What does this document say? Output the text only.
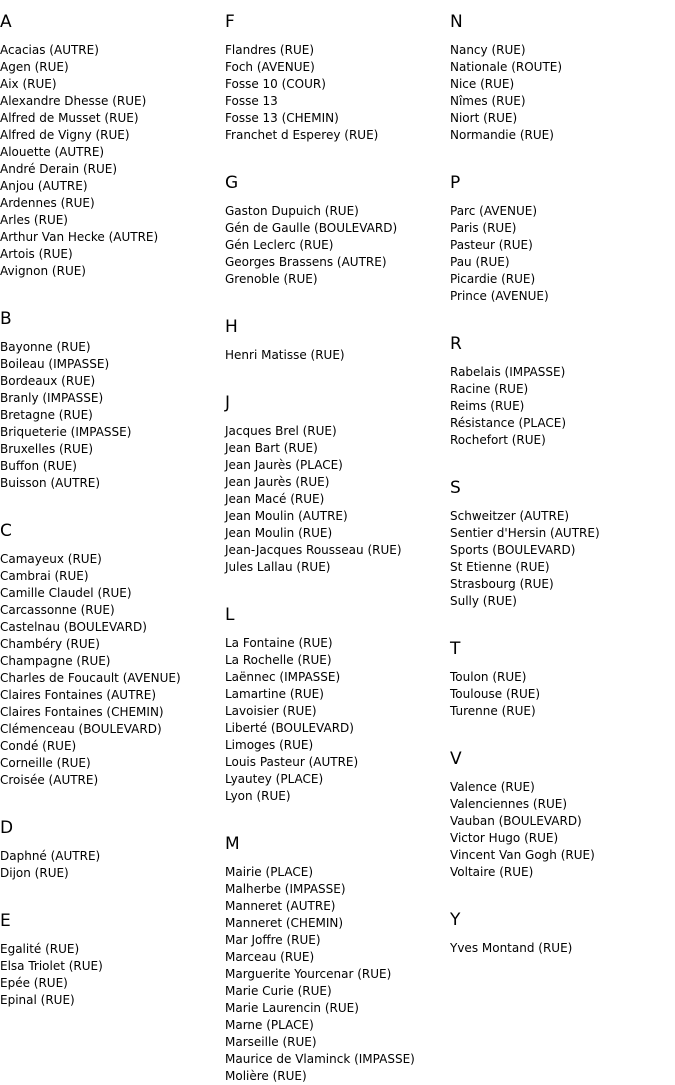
A
Acacias (AUTRE)
Agen (RUE)
Aix (RUE)
Alexandre Dhesse (RUE)
Alfred de Musset (RUE)
Alfred de Vigny (RUE)
Alouette (AUTRE)
André Derain (RUE)
Anjou (AUTRE)
Ardennes (RUE)
Arles (RUE)
Arthur Van Hecke (AUTRE)
Artois (RUE)
Avignon (RUE)
B
Bayonne (RUE)
Boileau (IMPASSE)
Bordeaux (RUE)
Branly (IMPASSE)
Bretagne (RUE)
Briqueterie (IMPASSE)
Bruxelles (RUE)
Buffon (RUE)
Buisson (AUTRE)
C
Camayeux (RUE)
Cambrai (RUE)
Camille Claudel (RUE)
Carcassonne (RUE)
Castelnau (BOULEVARD)
Chambéry (RUE)
Champagne (RUE)
Charles de Foucault (AVENUE)
Claires Fontaines (AUTRE)
Claires Fontaines (CHEMIN)
Clémenceau (BOULEVARD)
Condé (RUE)
Corneille (RUE)
Croisée (AUTRE)
D
Daphné (AUTRE)
Dijon (RUE)
E
Egalité (RUE)
Elsa Triolet (RUE)
Epée (RUE)
Epinal (RUE)
F
Flandres (RUE)
Foch (AVENUE)
Fosse 10 (COUR)
Fosse 13
Fosse 13 (CHEMIN)
Franchet d Esperey (RUE)
G
Gaston Dupuich (RUE)
Gén de Gaulle (BOULEVARD)
Gén Leclerc (RUE)
Georges Brassens (AUTRE)
Grenoble (RUE)
H
Henri Matisse (RUE)
J
Jacques Brel (RUE)
Jean Bart (RUE)
Jean Jaurès (PLACE)
Jean Jaurès (RUE)
Jean Macé (RUE)
Jean Moulin (AUTRE)
Jean Moulin (RUE)
Jean-Jacques Rousseau (RUE)
Jules Lallau (RUE)
L
La Fontaine (RUE)
La Rochelle (RUE)
Laënnec (IMPASSE)
Lamartine (RUE)
Lavoisier (RUE)
Liberté (BOULEVARD)
Limoges (RUE)
Louis Pasteur (AUTRE)
Lyautey (PLACE)
Lyon (RUE)
M
Mairie (PLACE)
Malherbe (IMPASSE)
Manneret (AUTRE)
Manneret (CHEMIN)
Mar Joffre (RUE)
Marceau (RUE)
Marguerite Yourcenar (RUE)
Marie Curie (RUE)
Marie Laurencin (RUE)
Marne (PLACE)
Marseille (RUE)
Maurice de Vlaminck (IMPASSE)
Molière (RUE)
N
Nancy (RUE)
Nationale (ROUTE)
Nice (RUE)
Nîmes (RUE)
Niort (RUE)
Normandie (RUE)
P
Parc (AVENUE)
Paris (RUE)
Pasteur (RUE)
Pau (RUE)
Picardie (RUE)
Prince (AVENUE)
R
Rabelais (IMPASSE)
Racine (RUE)
Reims (RUE)
Résistance (PLACE)
Rochefort (RUE)
S
Schweitzer (AUTRE)
Sentier d'Hersin (AUTRE)
Sports (BOULEVARD)
St Etienne (RUE)
Strasbourg (RUE)
Sully (RUE)
T
Toulon (RUE)
Toulouse (RUE)
Turenne (RUE)
V
Valence (RUE)
Valenciennes (RUE)
Vauban (BOULEVARD)
Victor Hugo (RUE)
Vincent Van Gogh (RUE)
Voltaire (RUE)
Y
Yves Montand (RUE)
